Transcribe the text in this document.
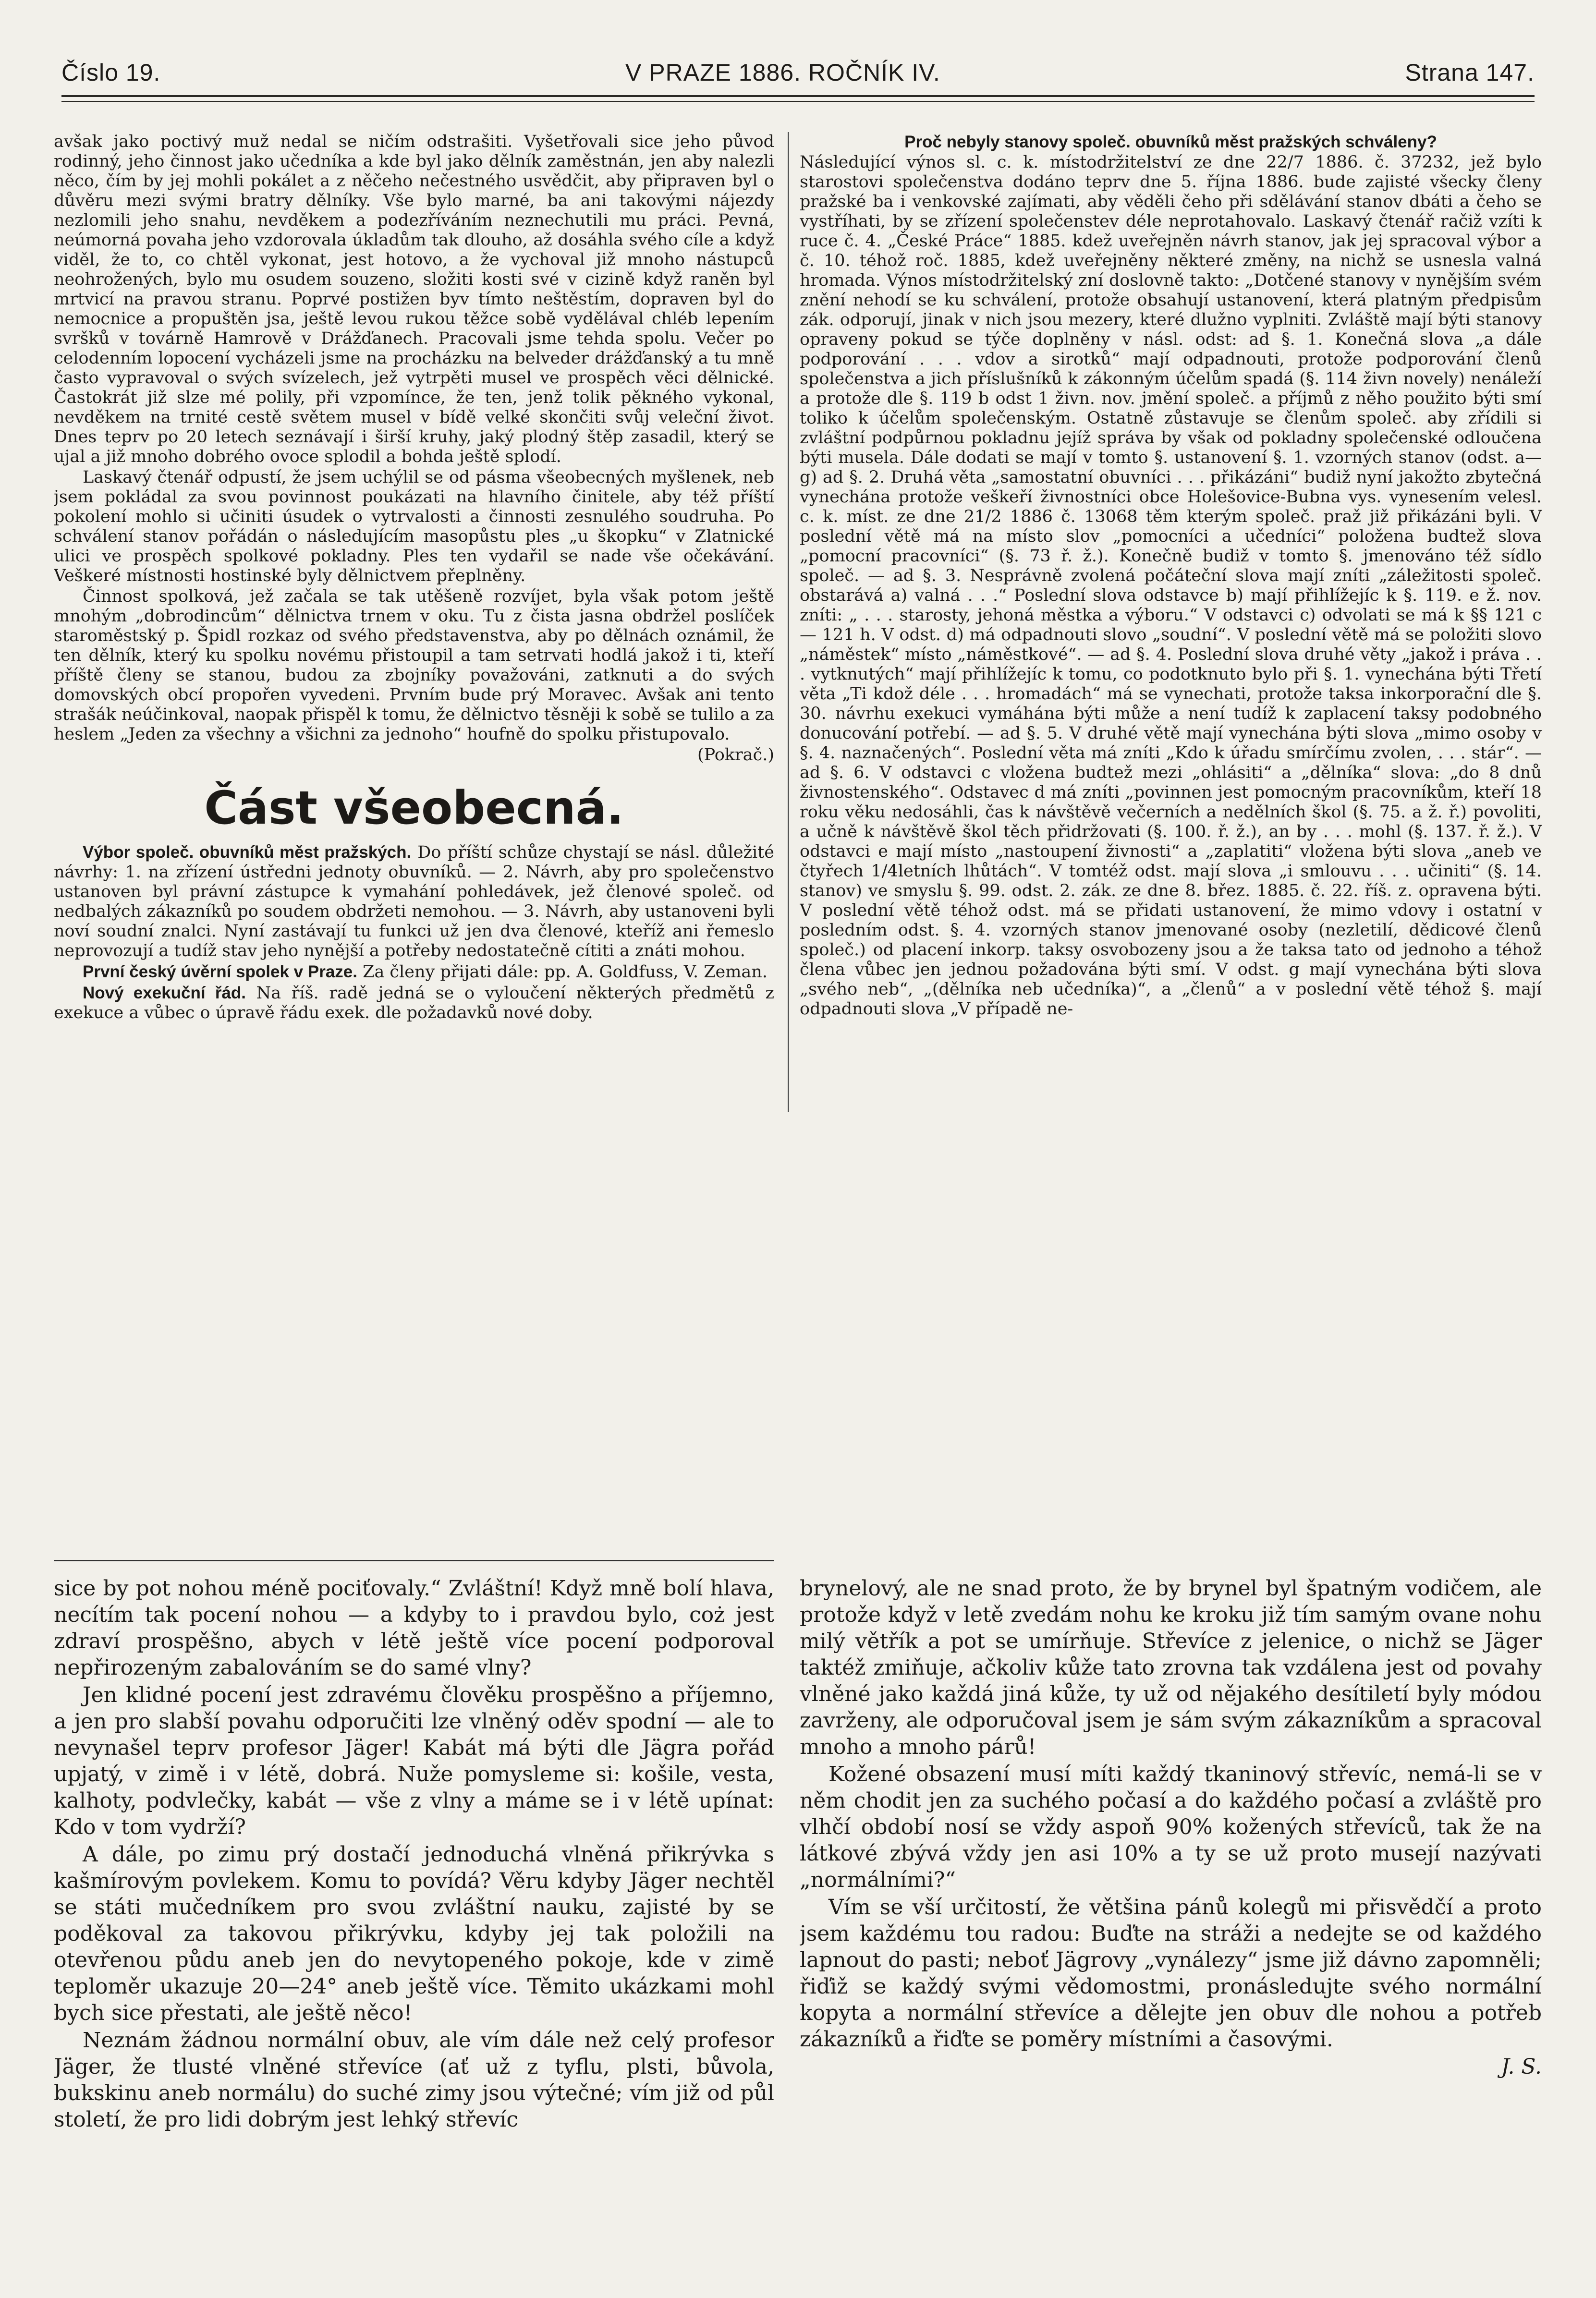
Číslo 19.	V PRAZE 1886. ROČNÍK IV.	Strana 147.

avšak jako poctivý muž nedal se ničím odstrašiti. Vyšetřovali sice jeho původ rodinný, jeho činnost jako učedníka a kde byl jako dělník zaměstnán, jen aby nalezli něco, čím by jej mohli pokálet a z něčeho nečestného usvědčit, aby připraven byl o důvěru mezi svými bratry dělníky. Vše bylo marné, ba ani takovými nájezdy nezlomili jeho snahu, nevděkem a podezříváním neznechutili mu práci. Pevná, neúmorná povaha jeho vzdorovala úkladům tak dlouho, až dosáhla svého cíle a když viděl, že to, co chtěl vykonat, jest hotovo, a že vychoval již mnoho nástupců neohrožených, bylo mu osudem souzeno, složiti kosti své v cizině když raněn byl mrtvicí na pravou stranu. Poprvé postižen byv tímto neštěstím, dopraven byl do nemocnice a propuštěn jsa, ještě levou rukou těžce sobě vydělával chléb lepením svršků v továrně Hamrově v Drážďanech. Pracovali jsme tehda spolu. Večer po celodenním lopocení vycházeli jsme na procházku na belveder drážďanský a tu mně často vypravoval o svých svízelech, jež vytrpěti musel ve prospěch věci dělnické. Častokrát již slze mé polily, při vzpomínce, že ten, jenž tolik pěkného vykonal, nevděkem na trnité cestě světem musel v bídě velké skončiti svůj veleční život. Dnes teprv po 20 letech seznávají i širší kruhy, jaký plodný štěp zasadil, který se ujal a již mnoho dobrého ovoce splodil a bohda ještě splodí.

Laskavý čtenář odpustí, že jsem uchýlil se od pásma všeobecných myšlenek, neb jsem pokládal za svou povinnost poukázati na hlavního činitele, aby též příští pokolení mohlo si učiniti úsudek o vytrvalosti a činnosti zesnulého soudruha. Po schválení stanov pořádán o následujícím masopůstu ples „u škopku“ v Zlatnické ulici ve prospěch spolkové pokladny. Ples ten vydařil se nade vše očekávání. Veškeré místnosti hostinské byly dělnictvem přeplněny.

Činnost spolková, jež začala se tak utěšeně rozvíjet, byla však potom ještě mnohým „dobrodincům“ dělnictva trnem v oku. Tu z čista jasna obdržel poslíček staroměstský p. Špidl rozkaz od svého představenstva, aby po dělnách oznámil, že ten dělník, který ku spolku novému přistoupil a tam setrvati hodlá jakož i ti, kteří příště členy se stanou, budou za zbojníky považováni, zatknuti a do svých domovských obcí propořen vyvedeni. Prvním bude prý Moravec. Avšak ani tento strašák neúčinkoval, naopak přispěl k tomu, že dělnictvo těsněji k sobě se tulilo a za heslem „Jeden za všechny a všichni za jednoho“ houfně do spolku přistupovalo.

(Pokrač.)

Část všeobecná.

Výbor společ. obuvníků měst pražských. Do příští schůze chystají se násl. důležité návrhy: 1. na zřízení ústředni jednoty obuvníků. — 2. Návrh, aby pro společenstvo ustanoven byl právní zástupce k vymahání pohledávek, jež členové společ. od nedbalých zákazníků po soudem obdržeti nemohou. — 3. Návrh, aby ustanoveni byli noví soudní znalci. Nyní zastávají tu funkci už jen dva členové, kteříž ani řemeslo neprovozují a tudíž stav jeho nynější a potřeby nedostatečně cítiti a znáti mohou.

První český úvěrní spolek v Praze. Za členy přijati dále: pp. A. Goldfuss, V. Zeman.

Nový exekuční řád. Na říš. radě jedná se o vyloučení některých předmětů z exekuce a vůbec o úpravě řádu exek. dle požadavků nové doby.

Proč nebyly stanovy společ. obuvníků měst pražských schváleny?

Následující výnos sl. c. k. místodržitelství ze dne 22/7 1886. č. 37232, jež bylo starostovi společenstva dodáno teprv dne 5. října 1886. bude zajisté všecky členy pražské ba i venkovské zajímati, aby věděli čeho při sdělávání stanov dbáti a čeho se vystříhati, by se zřízení společenstev déle neprotahovalo. Laskavý čtenář račiž vzíti k ruce č. 4. „České Práce“ 1885. kdež uveřejněn návrh stanov, jak jej spracoval výbor a č. 10. téhož roč. 1885, kdež uveřejněny některé změny, na nichž se usnesla valná hromada. Výnos místodržitelský zní doslovně takto: „Dotčené stanovy v nynějším svém znění nehodí se ku schválení, protože obsahují ustanovení, která platným předpisům zák. odporují, jinak v nich jsou mezery, které dlužno vyplniti. Zvláště mají býti stanovy opraveny pokud se týče doplněny v násl. odst: ad §. 1. Konečná slova „a dále podporování . . . vdov a sirotků“ mají odpadnouti, protože podporování členů společenstva a jich příslušníků k zákonným účelům spadá (§. 114 živn novely) nenáleží a protože dle §. 119 b odst 1 živn. nov. jmění společ. a příjmů z něho použito býti smí toliko k účelům společenským. Ostatně zůstavuje se členům společ. aby zřídili si zvláštní podpůrnou pokladnu jejíž správa by však od pokladny společenské odloučena býti musela. Dále dodati se mají v tomto §. ustanovení §. 1. vzorných stanov (odst. a—g) ad §. 2. Druhá věta „samostatní obuvníci . . . přikázáni“ budiž nyní jakožto zbytečná vynechána protože veškeří živnostníci obce Holešovice-Bubna vys. vynesením velesl. c. k. míst. ze dne 21/2 1886 č. 13068 těm kterým společ. praž již přikázáni byli. V poslední větě má na místo slov „pomocníci a učedníci“ položena budtež slova „pomocní pracovníci“ (§. 73 ř. ž.). Konečně budiž v tomto §. jmenováno též sídlo společ. — ad §. 3. Nesprávně zvolená počáteční slova mají zníti „záležitosti společ. obstarává a) valná . . .“ Poslední slova odstavce b) mají přihlížejíc k §. 119. e ž. nov. zníti: „ . . . starosty, jehoná městka a výboru.“ V odstavci c) odvolati se má k §§ 121 c — 121 h. V odst. d) má odpadnouti slovo „soudní“. V poslední větě má se položiti slovo „náměstek“ místo „náměstkové“. — ad §. 4. Poslední slova druhé věty „jakož i práva . . . vytknutých“ mají přihlížejíc k tomu, co podotknuto bylo při §. 1. vynechána býti Třetí věta „Ti kdož déle . . . hromadách“ má se vynechati, protože taksa inkorporační dle §. 30. návrhu exekuci vymáhána býti může a není tudíž k zaplacení taksy podobného donucování potřebí. — ad §. 5. V druhé větě mají vynechána býti slova „mimo osoby v §. 4. naznačených“. Poslední věta má zníti „Kdo k úřadu smírčímu zvolen, . . . stár“. — ad §. 6. V odstavci c vložena budtež mezi „ohlásiti“ a „dělníka“ slova: „do 8 dnů živnostenského“. Odstavec d má zníti „povinnen jest pomocným pracovníkům, kteří 18 roku věku nedosáhli, čas k návštěvě večerních a nedělních škol (§. 75. a ž. ř.) povoliti, a učně k návštěvě škol těch přidržovati (§. 100. ř. ž.), an by . . . mohl (§. 137. ř. ž.). V odstavci e mají místo „nastoupení živnosti“ a „zaplatiti“ vložena býti slova „aneb ve čtyřech 1/4letních lhůtách“. V tomtéž odst. mají slova „i smlouvu . . . učiniti“ (§. 14. stanov) ve smyslu §. 99. odst. 2. zák. ze dne 8. břez. 1885. č. 22. říš. z. opravena býti. V poslední větě téhož odst. má se přidati ustanovení, že mimo vdovy i ostatní v posledním odst. §. 4. vzorných stanov jmenované osoby (nezletilí, dědicové členů společ.) od placení inkorp. taksy osvobozeny jsou a že taksa tato od jednoho a téhož člena vůbec jen jednou požadována býti smí. V odst. g mají vynechána býti slova „svého neb“, „(dělníka neb učedníka)“, a „členů“ a v poslední větě téhož §. mají odpadnouti slova „V případě ne-

sice by pot nohou méně pociťovaly.“ Zvláštní! Když mně bolí hlava, necítím tak pocení nohou — a kdyby to i pravdou bylo, coż jest zdraví prospěšno, abych v létě ještě více pocení podporoval nepřirozeným zabalováním se do samé vlny?

Jen klidné pocení jest zdravému člověku prospěšno a příjemno, a jen pro slabší povahu odporučiti lze vlněný oděv spodní — ale to nevynašel teprv profesor Jäger! Kabát má býti dle Jägra pořád upjatý, v zimě i v létě, dobrá. Nuže pomysleme si: košile, vesta, kalhoty, podvlečky, kabát — vše z vlny a máme se i v létě upínat: Kdo v tom vydrží?

A dále, po zimu prý dostačí jednoduchá vlněná přikrývka s kašmírovým povlekem. Komu to povídá? Věru kdyby Jäger nechtěl se státi mučedníkem pro svou zvláštní nauku, zajisté by se poděkoval za takovou přikrývku, kdyby jej tak položili na otevřenou půdu aneb jen do nevytopeného pokoje, kde v zimě teploměr ukazuje 20—24° aneb ještě více. Těmito ukázkami mohl bych sice přestati, ale ještě něco!

Neznám žádnou normální obuv, ale vím dále než celý profesor Jäger, že tlusté vlněné střevíce (ať už z tyflu, plsti, bůvola, bukskinu aneb normálu) do suché zimy jsou výtečné; vím již od půl století, že pro lidi dobrým jest lehký střevíc

brynelový, ale ne snad proto, že by brynel byl špatným vodičem, ale protože když v letě zvedám nohu ke kroku již tím samým ovane nohu milý větřík a pot se umírňuje. Střevíce z jelenice, o nichž se Jäger taktéž zmiňuje, ačkoliv kůže tato zrovna tak vzdálena jest od povahy vlněné jako každá jiná kůže, ty už od nějakého desítiletí byly módou zavrženy, ale odporučoval jsem je sám svým zákazníkům a spracoval mnoho a mnoho párů!

Kožené obsazení musí míti každý tkaninový střevíc, nemá-li se v něm chodit jen za suchého počasí a do každého počasí a zvláště pro vlhčí období nosí se vždy aspoň 90% kožených střevíců, tak že na látkové zbývá vždy jen asi 10% a ty se už proto musejí nazývati „normálními?“

Vím se vší určitostí, že většina pánů kolegů mi přisvědčí a proto jsem každému tou radou: Buďte na stráži a nedejte se od každého lapnout do pasti; neboť Jägrovy „vynálezy“ jsme již dávno zapomněli; řiďiž se každý svými vědomostmi, pronásledujte svého normální kopyta a normální střevíce a dělejte jen obuv dle nohou a potřeb zákazníků a řiďte se poměry místními a časovými.

J. S.
